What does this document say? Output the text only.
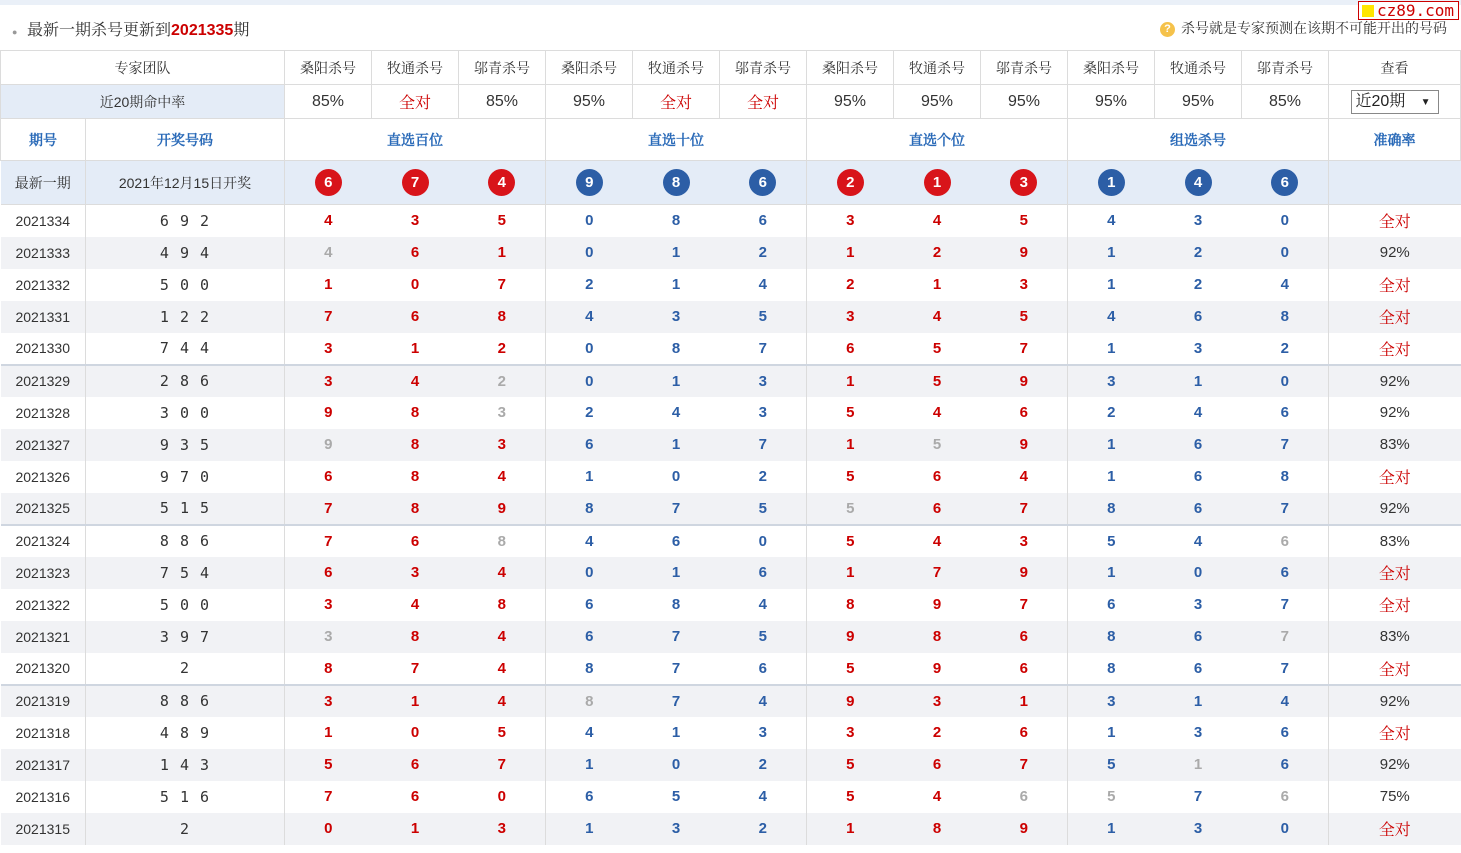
cz89.com
● 最新一期杀号更新到2021335期	? 杀号就是专家预测在该期不可能开出的号码
专家团队		桑阳杀号	牧通杀号	邬青杀号	桑阳杀号	牧通杀号	邬青杀号	桑阳杀号	牧通杀号	邬青杀号	桑阳杀号	牧通杀号	邬青杀号	查看
近20期命中率		85%	全对	85%	95%	全对	全对	95%	95%	95%	95%	95%	85%	近20期 ▼

期号	开奖号码	直选百位			直选十位			直选个位			组选杀号			准确率
最新一期	2021年12月15日开奖	6	7	4	9	8	6	2	1	3	1	4	6	
2021334	6 9 2	4	3	5	0	8	6	3	4	5	4	3	0	全对
2021333	4 9 4	4	6	1	0	1	2	1	2	9	1	2	0	92%
2021332	5 0 0	1	0	7	2	1	4	2	1	3	1	2	4	全对
2021331	1 2 2	7	6	8	4	3	5	3	4	5	4	6	8	全对
2021330	7 4 4	3	1	2	0	8	7	6	5	7	1	3	2	全对
2021329	2 8 6	3	4	2	0	1	3	1	5	9	3	1	0	92%
2021328	3 0 0	9	8	3	2	4	3	5	4	6	2	4	6	92%
2021327	9 3 5	9	8	3	6	1	7	1	5	9	1	6	7	83%
2021326	9 7 0	6	8	4	1	0	2	5	6	4	1	6	8	全对
2021325	5 1 5	7	8	9	8	7	5	5	6	7	8	6	7	92%
2021324	8 8 6	7	6	8	4	6	0	5	4	3	5	4	6	83%
2021323	7 5 4	6	3	4	0	1	6	1	7	9	1	0	6	全对
2021322	5 0 0	3	4	8	6	8	4	8	9	7	6	3	7	全对
2021321	3 9 7	3	8	4	6	7	5	9	8	6	8	6	7	83%
2021320	2	8	7	4	8	7	6	5	9	6	8	6	7	全对
2021319	8 8 6	3	1	4	8	7	4	9	3	1	3	1	4	92%
2021318	4 8 9	1	0	5	4	1	3	3	2	6	1	3	6	全对
2021317	1 4 3	5	6	7	1	0	2	5	6	7	5	1	6	92%
2021316	5 1 6	7	6	0	6	5	4	5	4	6	5	7	6	75%
2021315	2	0	1	3	1	3	2	1	8	9	1	3	0	全对
